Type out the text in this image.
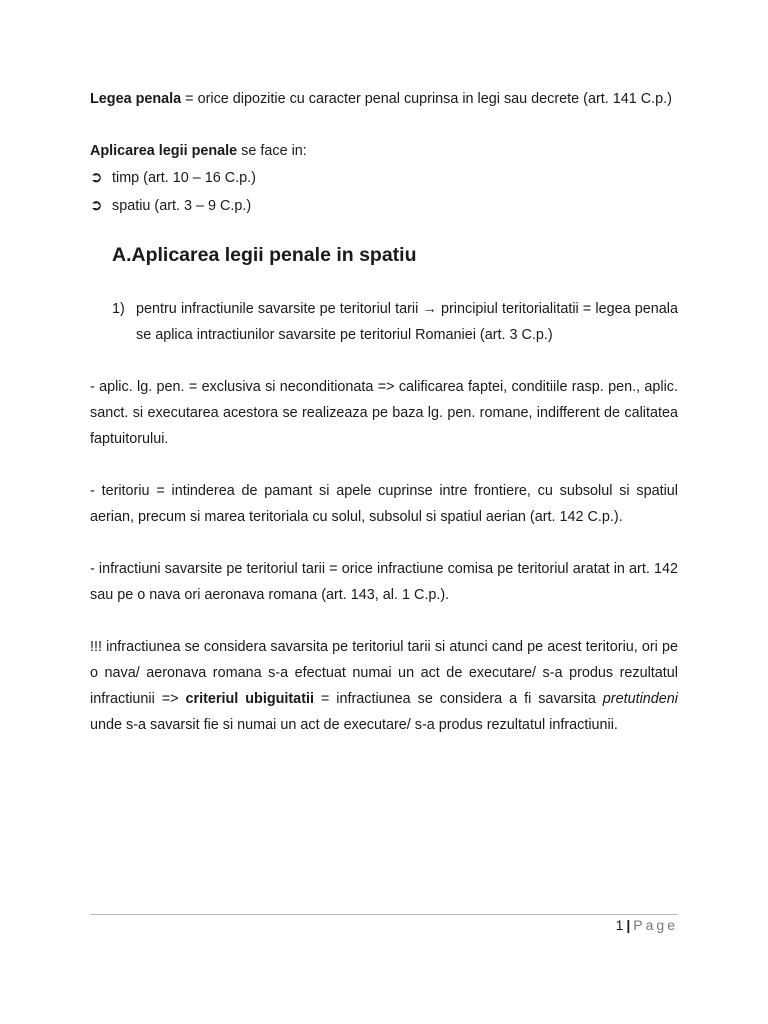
Legea penala = orice dipozitie cu caracter penal cuprinsa in legi sau decrete (art. 141 C.p.)

Aplicarea legii penale se face in:

➲ timp (art. 10 – 16 C.p.)
➲ spatiu (art. 3 – 9 C.p.)
A.Aplicarea legii penale in spatiu
1) pentru infractiunile savarsite pe teritoriul tarii → principiul teritorialitatii = legea penala se aplica intractiunilor savarsite pe teritoriul Romaniei (art. 3 C.p.)

- aplic. lg. pen. = exclusiva si neconditionata => calificarea faptei, conditiile rasp. pen., aplic. sanct. si executarea acestora se realizeaza pe baza lg. pen. romane, indifferent de calitatea faptuitorului.

- teritoriu = intinderea de pamant si apele cuprinse intre frontiere, cu subsolul si spatiul aerian, precum si marea teritoriala cu solul, subsolul si spatiul aerian (art. 142 C.p.).

- infractiuni savarsite pe teritoriul tarii = orice infractiune comisa pe teritoriul aratat in art. 142 sau pe o nava ori aeronava romana (art. 143, al. 1 C.p.).

!!! infractiunea se considera savarsita pe teritoriul tarii si atunci cand pe acest teritoriu, ori pe o nava/ aeronava romana s-a efectuat numai un act de executare/ s-a produs rezultatul infractiunii => criteriul ubiguitatii = infractiunea se considera a fi savarsita pretutindeni unde s-a savarsit fie si numai un act de executare/ s-a produs rezultatul infractiunii.

1 | Page
